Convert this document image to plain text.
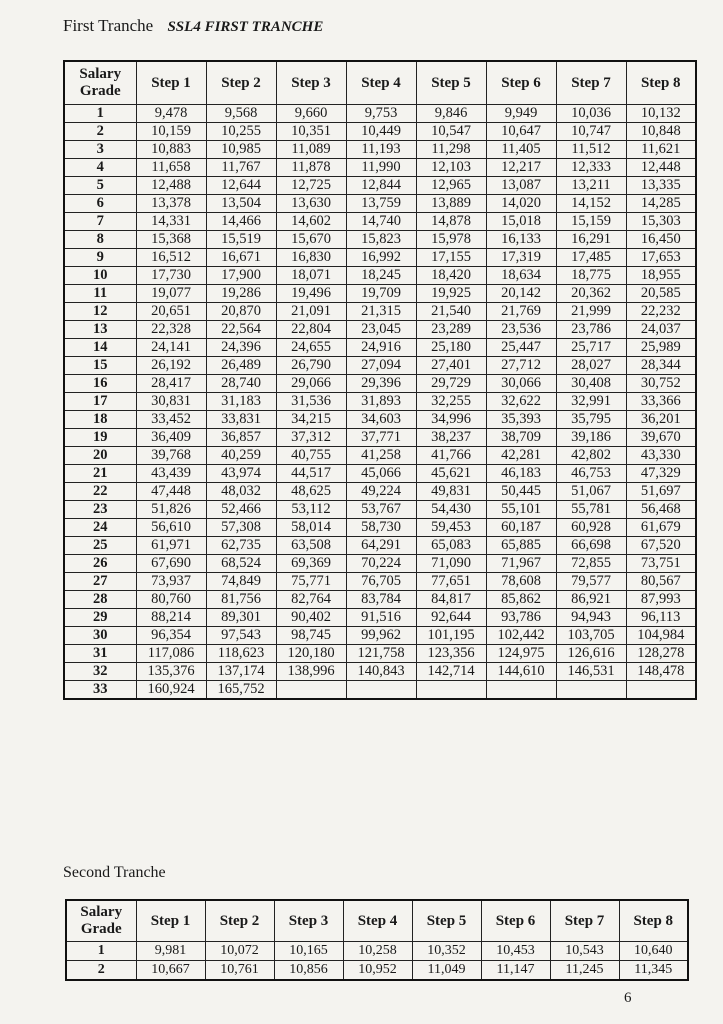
First Tranche SSL4 FIRST TRANCHE
Salary Grade	Step 1	Step 2	Step 3	Step 4	Step 5	Step 6	Step 7	Step 8
1	9,478	9,568	9,660	9,753	9,846	9,949	10,036	10,132
2	10,159	10,255	10,351	10,449	10,547	10,647	10,747	10,848
3	10,883	10,985	11,089	11,193	11,298	11,405	11,512	11,621
4	11,658	11,767	11,878	11,990	12,103	12,217	12,333	12,448
5	12,488	12,644	12,725	12,844	12,965	13,087	13,211	13,335
6	13,378	13,504	13,630	13,759	13,889	14,020	14,152	14,285
7	14,331	14,466	14,602	14,740	14,878	15,018	15,159	15,303
8	15,368	15,519	15,670	15,823	15,978	16,133	16,291	16,450
9	16,512	16,671	16,830	16,992	17,155	17,319	17,485	17,653
10	17,730	17,900	18,071	18,245	18,420	18,634	18,775	18,955
11	19,077	19,286	19,496	19,709	19,925	20,142	20,362	20,585
12	20,651	20,870	21,091	21,315	21,540	21,769	21,999	22,232
13	22,328	22,564	22,804	23,045	23,289	23,536	23,786	24,037
14	24,141	24,396	24,655	24,916	25,180	25,447	25,717	25,989
15	26,192	26,489	26,790	27,094	27,401	27,712	28,027	28,344
16	28,417	28,740	29,066	29,396	29,729	30,066	30,408	30,752
17	30,831	31,183	31,536	31,893	32,255	32,622	32,991	33,366
18	33,452	33,831	34,215	34,603	34,996	35,393	35,795	36,201
19	36,409	36,857	37,312	37,771	38,237	38,709	39,186	39,670
20	39,768	40,259	40,755	41,258	41,766	42,281	42,802	43,330
21	43,439	43,974	44,517	45,066	45,621	46,183	46,753	47,329
22	47,448	48,032	48,625	49,224	49,831	50,445	51,067	51,697
23	51,826	52,466	53,112	53,767	54,430	55,101	55,781	56,468
24	56,610	57,308	58,014	58,730	59,453	60,187	60,928	61,679
25	61,971	62,735	63,508	64,291	65,083	65,885	66,698	67,520
26	67,690	68,524	69,369	70,224	71,090	71,967	72,855	73,751
27	73,937	74,849	75,771	76,705	77,651	78,608	79,577	80,567
28	80,760	81,756	82,764	83,784	84,817	85,862	86,921	87,993
29	88,214	89,301	90,402	91,516	92,644	93,786	94,943	96,113
30	96,354	97,543	98,745	99,962	101,195	102,442	103,705	104,984
31	117,086	118,623	120,180	121,758	123,356	124,975	126,616	128,278
32	135,376	137,174	138,996	140,843	142,714	144,610	146,531	148,478
33	160,924	165,752						
Second Tranche
Salary Grade	Step 1	Step 2	Step 3	Step 4	Step 5	Step 6	Step 7	Step 8
1	9,981	10,072	10,165	10,258	10,352	10,453	10,543	10,640
2	10,667	10,761	10,856	10,952	11,049	11,147	11,245	11,345
6
